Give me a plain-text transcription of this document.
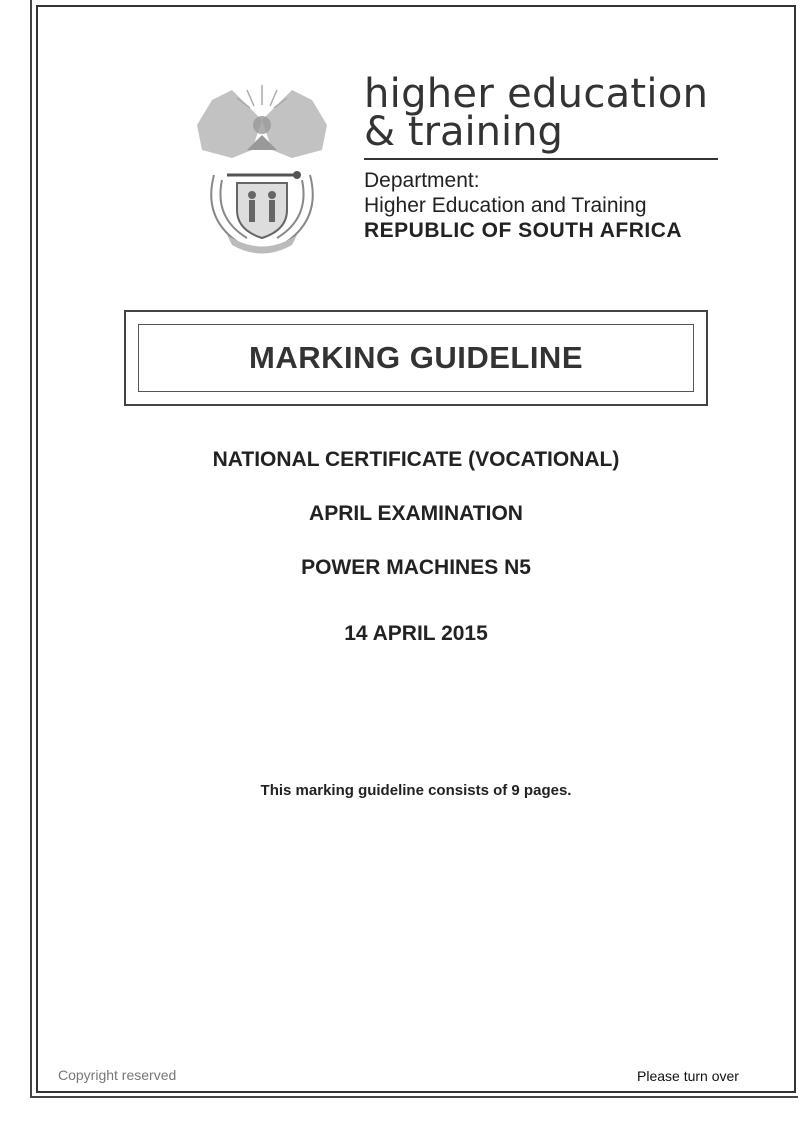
higher education
& training
Department:
Higher Education and Training
REPUBLIC OF SOUTH AFRICA
MARKING GUIDELINE
NATIONAL CERTIFICATE (VOCATIONAL)
APRIL EXAMINATION
POWER MACHINES N5
14 APRIL 2015
This marking guideline consists of 9 pages.
Copyright reserved	Please turn over
